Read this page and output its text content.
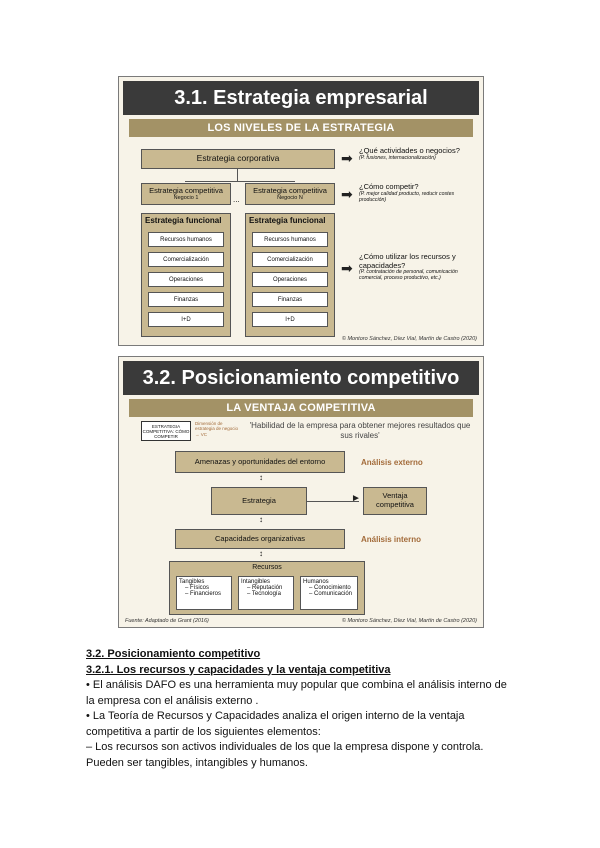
3.1. Estrategia empresarial
LOS NIVELES DE LA ESTRATEGIA
Estrategia corporativa	➡
Estrategia competitiva
Negocio 1	...
Estrategia competitiva
Negocio N	➡
Estrategia funcional
Recursos humanos
Comercialización
Operaciones
Finanzas
I+D
Estrategia funcional
Recursos humanos
Comercialización
Operaciones
Finanzas
I+D
➡
¿Qué actividades o negocios?
(P. fusiones, internacionalización)
¿Cómo competir?
(P. mejor calidad producto, reducir costes producción)
¿Cómo utilizar los recursos y capacidades?
(P. contratación de personal, comunicación comercial, proceso productivo, etc.)
© Montoro Sánchez, Díez Vial, Martín de Castro (2020)
3.2. Posicionamiento competitivo
LA VENTAJA COMPETITIVA
ESTRATEGIA COMPETITIVA: CÓMO COMPETIR
Dimensión de estrategia de negocio → VC
'Habilidad de la empresa para obtener mejores resultados que sus rivales'
Amenazas y oportunidades del entorno	Análisis externo
↕
Estrategia	►	Ventaja competitiva
↕
Capacidades organizativas	Análisis interno
↕
Recursos
Tangibles
– Físicos
– Financieros
Intangibles
– Reputación
– Tecnología
Humanos
– Conocimiento
– Comunicación
Fuente: Adaptado de Grant (2016)	© Montoro Sánchez, Díez Vial, Martín de Castro (2020)

3.2. Posicionamiento competitivo

3.2.1. Los recursos y capacidades y la ventaja competitiva

• El análisis DAFO es una herramienta muy popular que combina el análisis interno de la empresa con el análisis externo .

• La Teoría de Recursos y Capacidades analiza el origen interno de la ventaja competitiva a partir de los siguientes elementos:

– Los recursos son activos individuales de los que la empresa dispone y controla. Pueden ser tangibles, intangibles y humanos.
